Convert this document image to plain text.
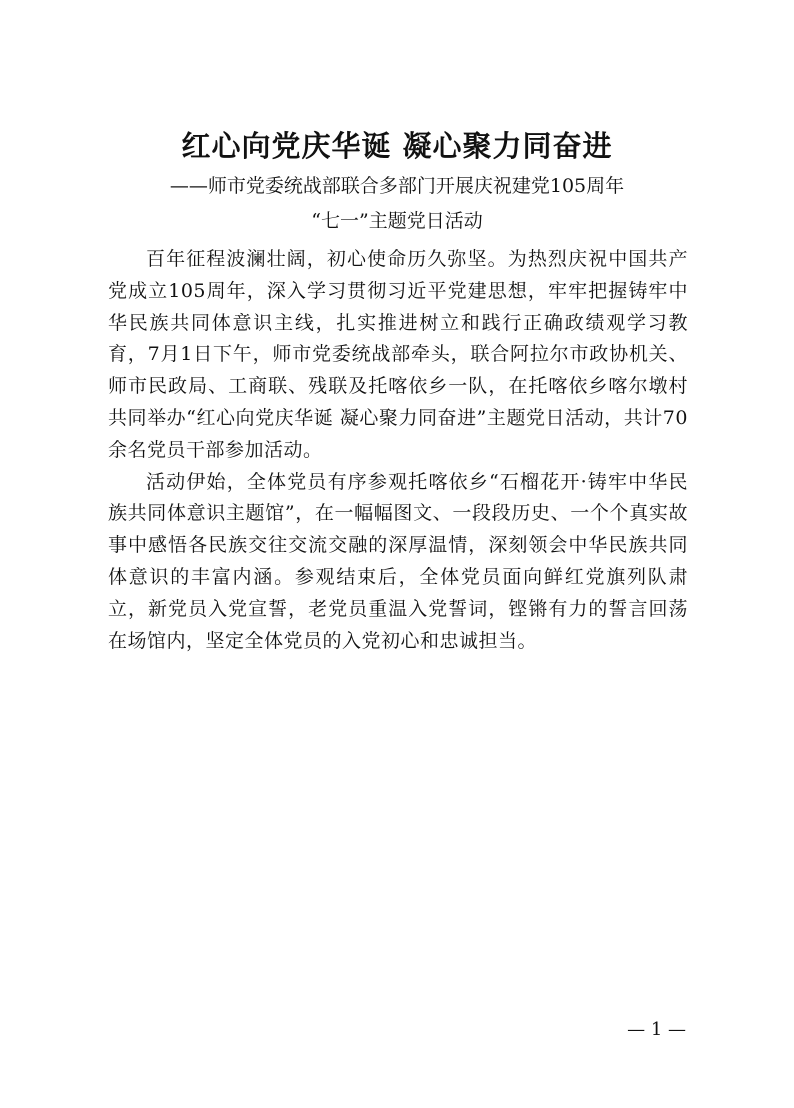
红心向党庆华诞 凝心聚力同奋进
——师市党委统战部联合多部门开展庆祝建党105周年
“七一”主题党日活动

百年征程波澜壮阔，初心使命历久弥坚。为热烈庆祝中国共产党成立105周年，深入学习贯彻习近平党建思想，牢牢把握铸牢中华民族共同体意识主线，扎实推进树立和践行正确政绩观学习教育，7月1日下午，师市党委统战部牵头，联合阿拉尔市政协机关、师市民政局、工商联、残联及托喀依乡一队，在托喀依乡喀尔墩村共同举办“红心向党庆华诞 凝心聚力同奋进”主题党日活动，共计70余名党员干部参加活动。

活动伊始，全体党员有序参观托喀依乡“石榴花开·铸牢中华民族共同体意识主题馆”，在一幅幅图文、一段段历史、一个个真实故事中感悟各民族交往交流交融的深厚温情，深刻领会中华民族共同体意识的丰富内涵。参观结束后，全体党员面向鲜红党旗列队肃立，新党员入党宣誓，老党员重温入党誓词，铿锵有力的誓言回荡在场馆内，坚定全体党员的入党初心和忠诚担当。

— 1 —
